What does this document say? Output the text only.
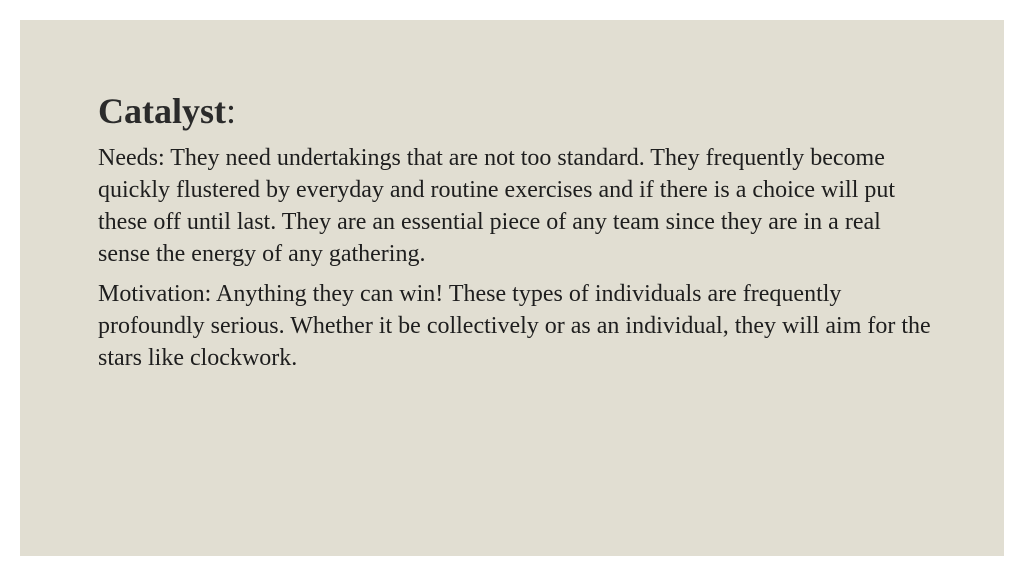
Catalyst:

Needs: They need undertakings that are not too standard. They frequently become quickly flustered by everyday and routine exercises and if there is a choice will put these off until last. They are an essential piece of any team since they are in a real sense the energy of any gathering.

Motivation: Anything they can win! These types of individuals are frequently profoundly serious. Whether it be collectively or as an individual, they will aim for the stars like clockwork.
